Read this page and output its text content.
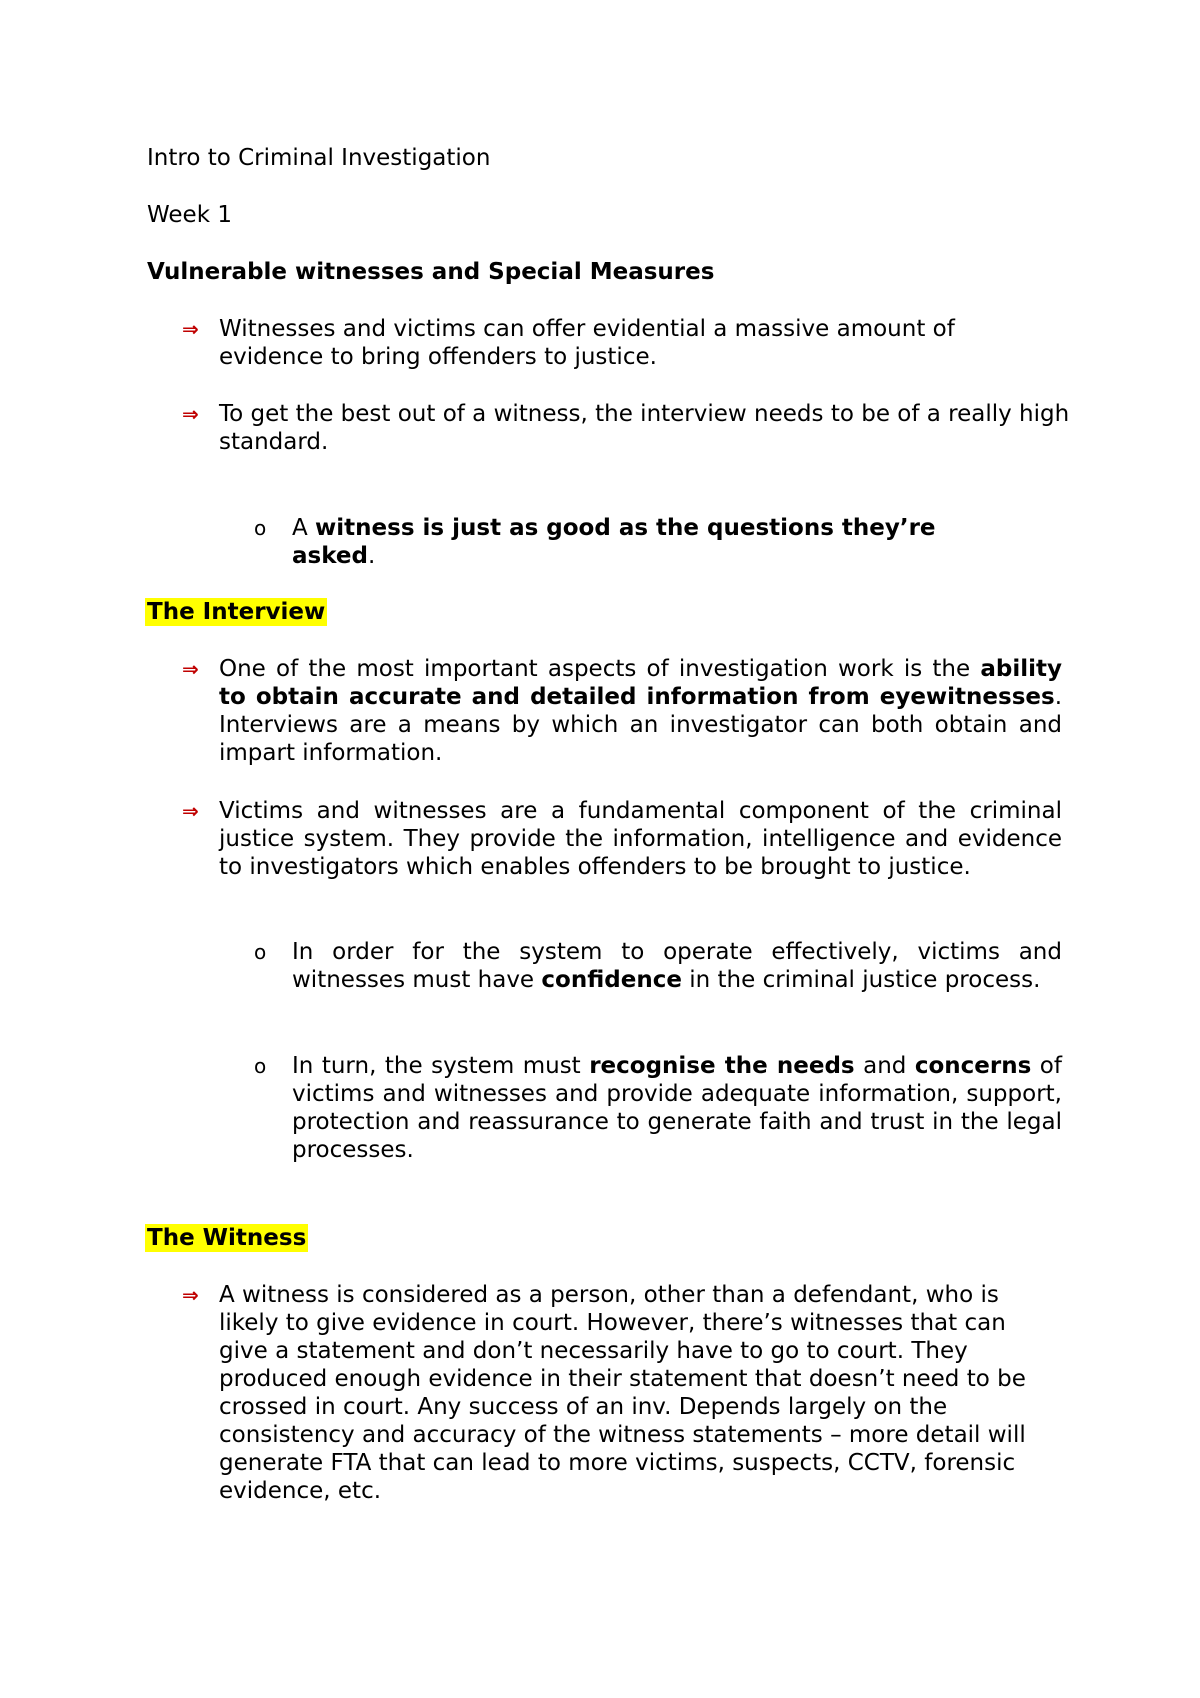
Intro to Criminal Investigation
Week 1
Vulnerable witnesses and Special Measures
⇒ Witnesses and victims can offer evidential a massive amount of evidence to bring offenders to justice.
⇒ To get the best out of a witness, the interview needs to be of a really high standard.
o	A witness is just as good as the questions they’re asked.
The Interview
⇒ One of the most important aspects of investigation work is the ability to obtain accurate and detailed information from eyewitnesses. Interviews are a means by which an investigator can both obtain and impart information.
⇒ Victims and witnesses are a fundamental component of the criminal justice system. They provide the information, intelligence and evidence to investigators which enables offenders to be brought to justice.
o	In order for the system to operate effectively, victims and witnesses must have confidence in the criminal justice process.
o	In turn, the system must recognise the needs and concerns of victims and witnesses and provide adequate information, support, protection and reassurance to generate faith and trust in the legal processes.
The Witness
⇒ A witness is considered as a person, other than a defendant, who is likely to give evidence in court. However, there’s witnesses that can give a statement and don’t necessarily have to go to court. They produced enough evidence in their statement that doesn’t need to be crossed in court. Any success of an inv. Depends largely on the consistency and accuracy of the witness statements – more detail will generate FTA that can lead to more victims, suspects, CCTV, forensic evidence, etc.
